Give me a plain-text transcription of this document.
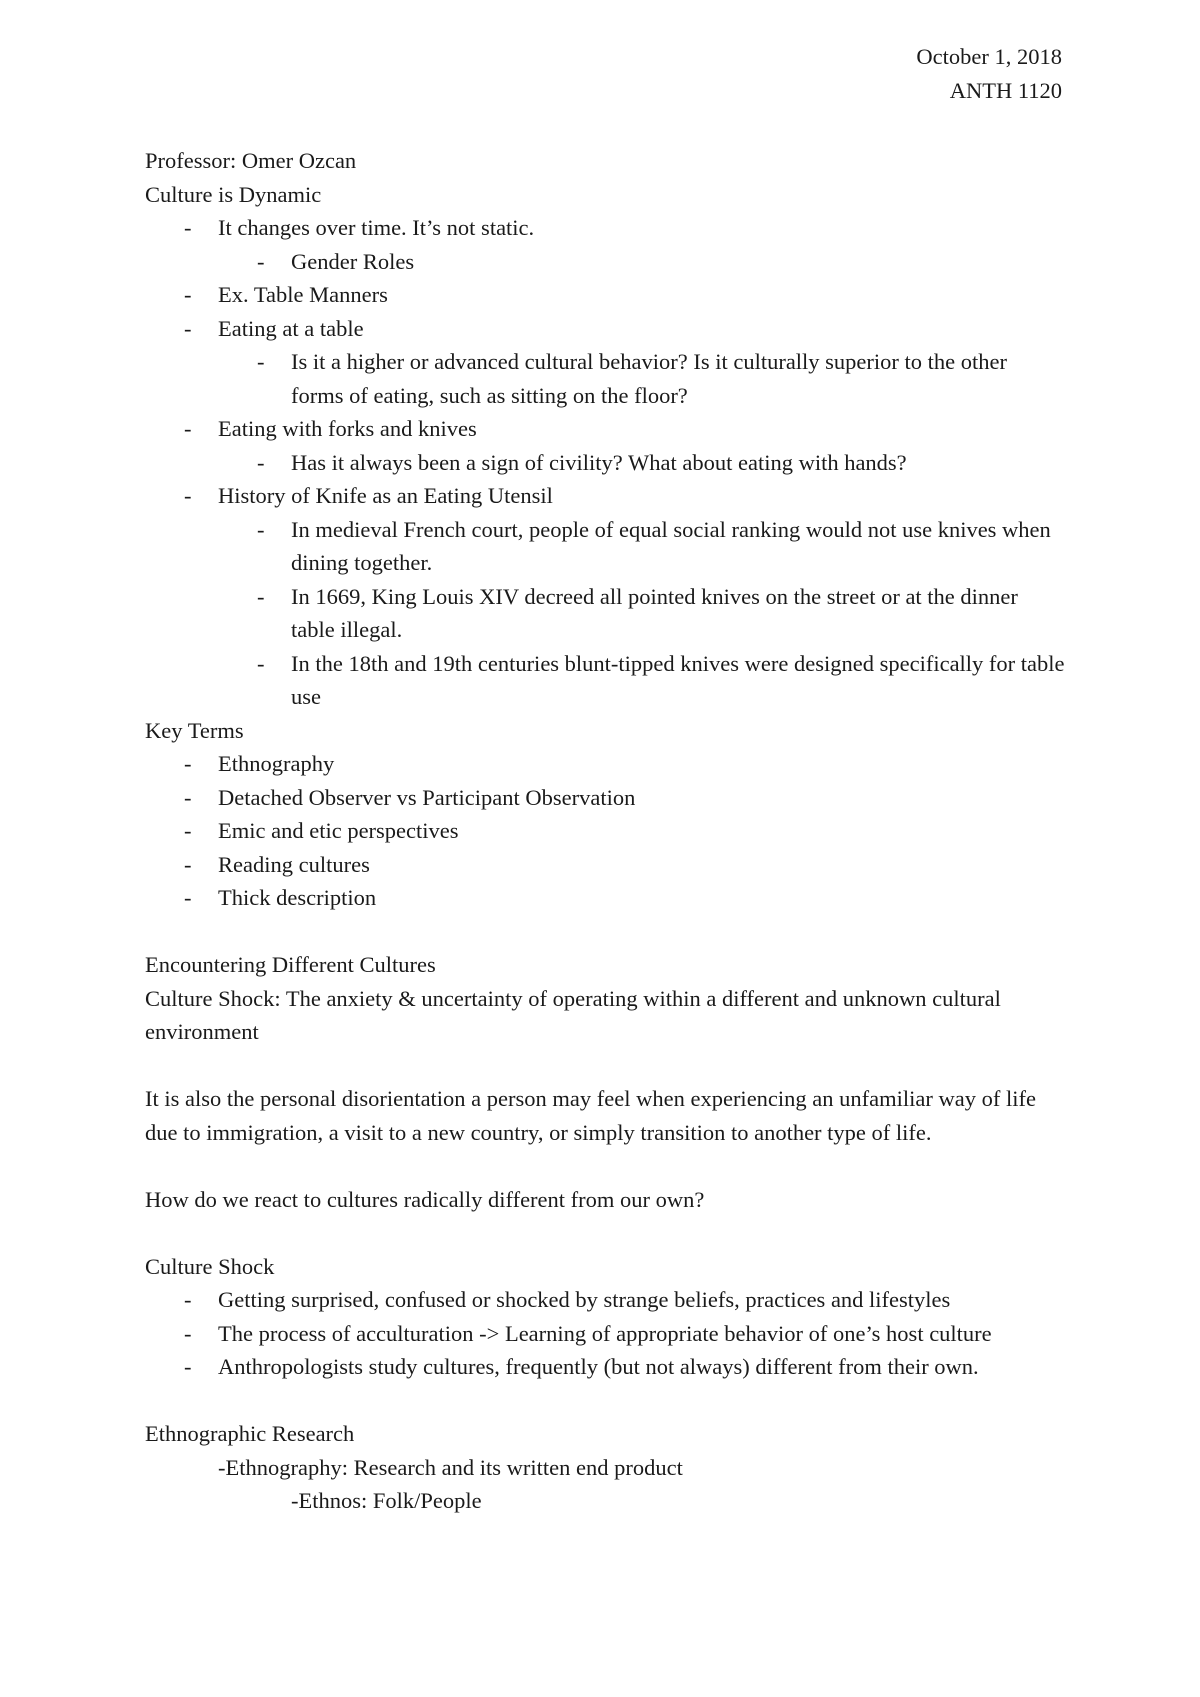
October 1, 2018
ANTH 1120
Professor: Omer Ozcan
Culture is Dynamic
- It changes over time. It’s not static.
- Gender Roles
- Ex. Table Manners
- Eating at a table
- Is it a higher or advanced cultural behavior? Is it culturally superior to the other forms of eating, such as sitting on the floor?
- Eating with forks and knives
- Has it always been a sign of civility? What about eating with hands?
- History of Knife as an Eating Utensil
- In medieval French court, people of equal social ranking would not use knives when dining together.
- In 1669, King Louis XIV decreed all pointed knives on the street or at the dinner table illegal.
- In the 18th and 19th centuries blunt-tipped knives were designed specifically for table use
Key Terms
- Ethnography
- Detached Observer vs Participant Observation
- Emic and etic perspectives
- Reading cultures
- Thick description
Encountering Different Cultures
Culture Shock: The anxiety & uncertainty of operating within a different and unknown cultural environment
It is also the personal disorientation a person may feel when experiencing an unfamiliar way of life due to immigration, a visit to a new country, or simply transition to another type of life.
How do we react to cultures radically different from our own?
Culture Shock
- Getting surprised, confused or shocked by strange beliefs, practices and lifestyles
- The process of acculturation -> Learning of appropriate behavior of one’s host culture
- Anthropologists study cultures, frequently (but not always) different from their own.
Ethnographic Research
-Ethnography: Research and its written end product
-Ethnos: Folk/People
